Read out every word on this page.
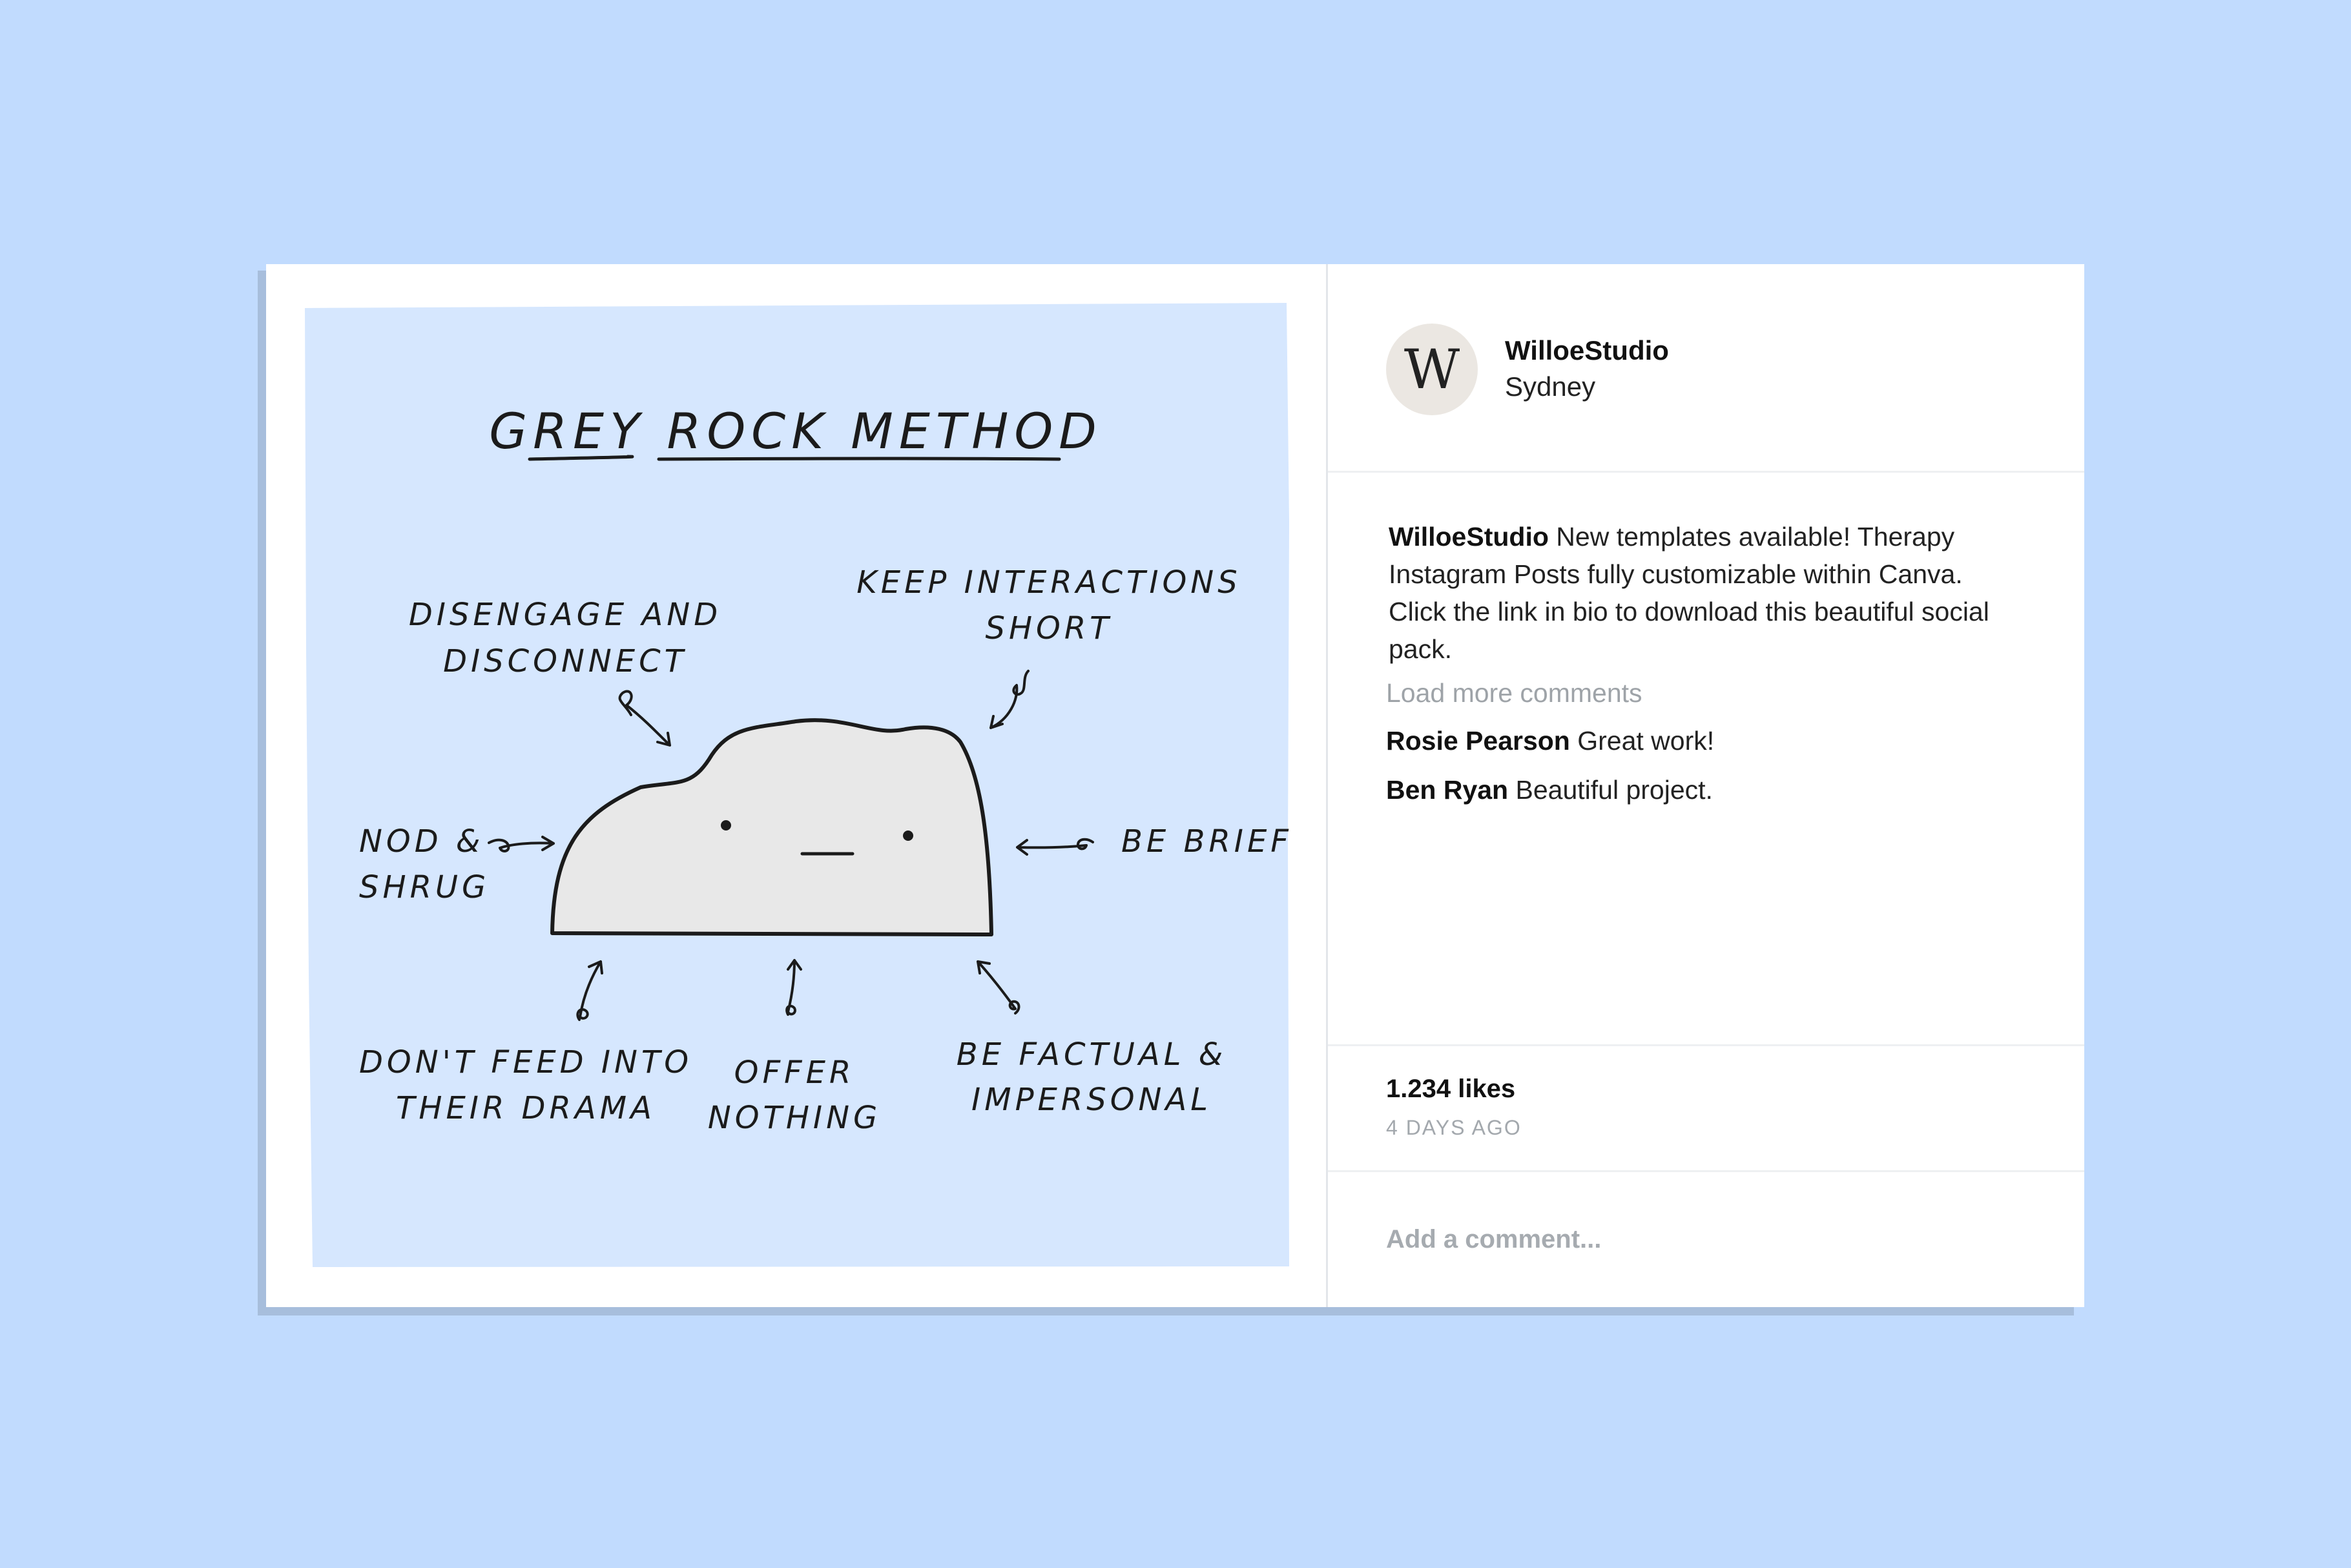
GREY ROCK METHOD
DISENGAGE AND
DISCONNECT
KEEP INTERACTIONS
SHORT
NOD &
SHRUG
BE BRIEF
DON'T FEED INTO
THEIR DRAMA
OFFER
NOTHING
BE FACTUAL &
IMPERSONAL
W	WilloeStudio
Sydney
WilloeStudio New templates available! Therapy Instagram Posts fully customizable within Canva. Click the link in bio to download this beautiful social pack.
Load more comments
Rosie Pearson Great work!
Ben Ryan Beautiful project.
1.234 likes
4 DAYS AGO
Add a comment...
